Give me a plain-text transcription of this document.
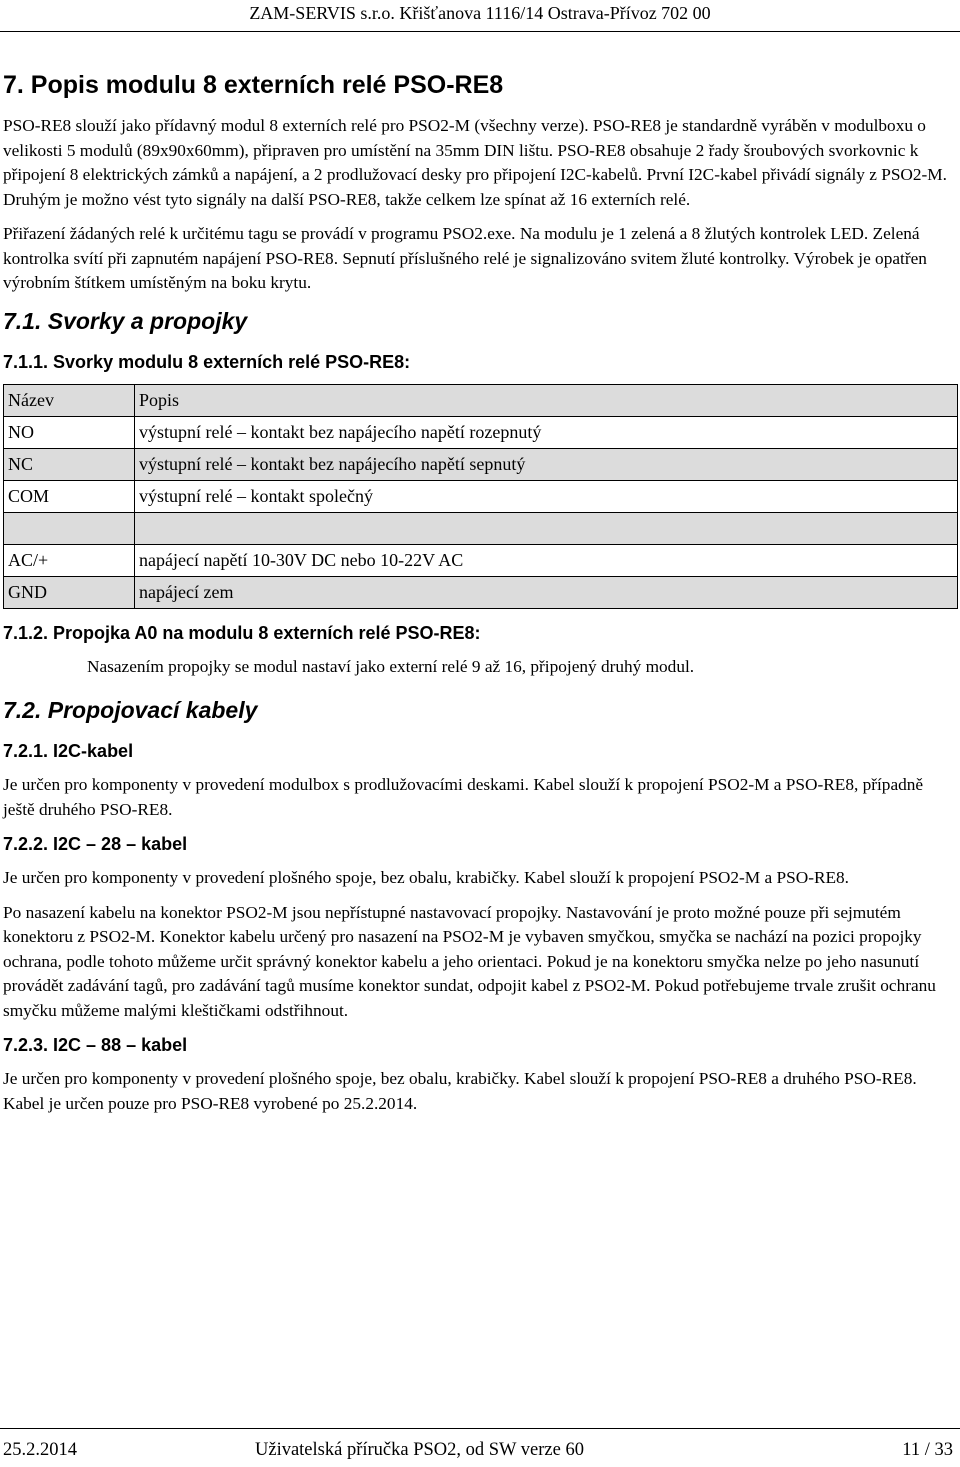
ZAM-SERVIS s.r.o. Křišťanova 1116/14 Ostrava-Přívoz 702 00
7. Popis modulu 8 externích relé PSO-RE8

PSO-RE8 slouží jako přídavný modul 8 externích relé pro PSO2-M (všechny verze). PSO-RE8 je standardně vyráběn v modulboxu o velikosti 5 modulů (89x90x60mm), připraven pro umístění na 35mm DIN lištu. PSO-RE8 obsahuje 2 řady šroubových svorkovnic k připojení 8 elektrických zámků a napájení, a 2 prodlužovací desky pro připojení I2C-kabelů. První I2C-kabel přivádí signály z PSO2-M. Druhým je možno vést tyto signály na další PSO-RE8, takže celkem lze spínat až 16 externích relé.

Přiřazení žádaných relé k určitému tagu se provádí v programu PSO2.exe. Na modulu je 1 zelená a 8 žlutých kontrolek LED. Zelená kontrolka svítí při zapnutém napájení PSO-RE8. Sepnutí příslušného relé je signalizováno svitem žluté kontrolky. Výrobek je opatřen výrobním štítkem umístěným na boku krytu.

7.1. Svorky a propojky
7.1.1. Svorky modulu 8 externích relé PSO-RE8:
Název	Popis
NO	výstupní relé – kontakt bez napájecího napětí rozepnutý
NC	výstupní relé – kontakt bez napájecího napětí sepnutý
COM	výstupní relé – kontakt společný

AC/+	napájecí napětí 10-30V DC nebo 10-22V AC
GND	napájecí zem
7.1.2. Propojka A0 na modulu 8 externích relé PSO-RE8:

Nasazením propojky se modul nastaví jako externí relé 9 až 16, připojený druhý modul.

7.2. Propojovací kabely
7.2.1. I2C-kabel

Je určen pro komponenty v provedení modulbox s prodlužovacími deskami. Kabel slouží k propojení PSO2-M a PSO-RE8, případně ještě druhého PSO-RE8.

7.2.2. I2C – 28 – kabel

Je určen pro komponenty v provedení plošného spoje, bez obalu, krabičky. Kabel slouží k propojení PSO2-M a PSO-RE8.

Po nasazení kabelu na konektor PSO2-M jsou nepřístupné nastavovací propojky. Nastavování je proto možné pouze při sejmutém konektoru z PSO2-M. Konektor kabelu určený pro nasazení na PSO2-M je vybaven smyčkou, smyčka se nachází na pozici propojky ochrana, podle tohoto můžeme určit správný konektor kabelu a jeho orientaci. Pokud je na konektoru smyčka nelze po jeho nasunutí provádět zadávání tagů, pro zadávání tagů musíme konektor sundat, odpojit kabel z PSO2-M. Pokud potřebujeme trvale zrušit ochranu smyčku můžeme malými kleštičkami odstřihnout.

7.2.3. I2C – 88 – kabel

Je určen pro komponenty v provedení plošného spoje, bez obalu, krabičky. Kabel slouží k propojení PSO-RE8 a druhého PSO-RE8. Kabel je určen pouze pro PSO-RE8 vyrobené po 25.2.2014.

25.2.2014	Uživatelská příručka PSO2, od SW verze 60	11 / 33
